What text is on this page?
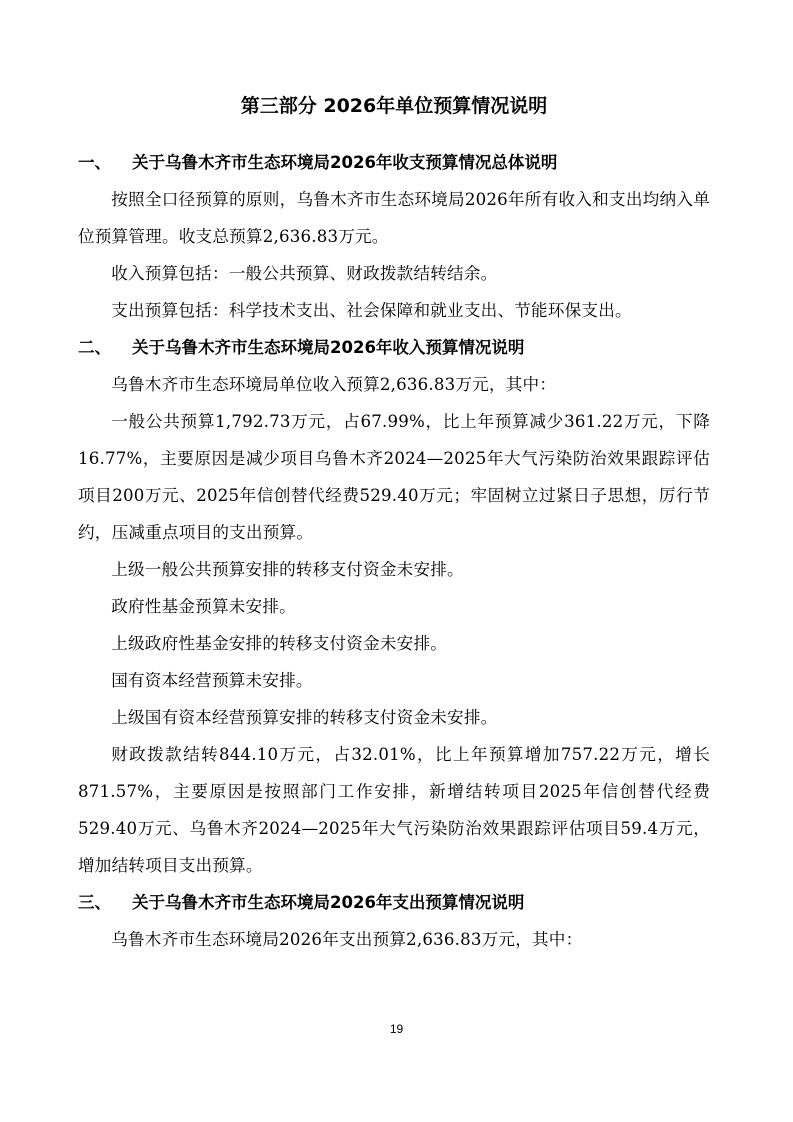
第三部分 2026年单位预算情况说明
一、 关于乌鲁木齐市生态环境局2026年收支预算情况总体说明

按照全口径预算的原则，乌鲁木齐市生态环境局2026年所有收入和支出均纳入单位预算管理。收支总预算2,636.83万元。

收入预算包括：一般公共预算、财政拨款结转结余。

支出预算包括：科学技术支出、社会保障和就业支出、节能环保支出。

二、 关于乌鲁木齐市生态环境局2026年收入预算情况说明

乌鲁木齐市生态环境局单位收入预算2,636.83万元，其中：

一般公共预算1,792.73万元，占67.99%，比上年预算减少361.22万元，下降16.77%，主要原因是减少项目乌鲁木齐2024—2025年大气污染防治效果跟踪评估项目200万元、2025年信创替代经费529.40万元；牢固树立过紧日子思想，厉行节约，压减重点项目的支出预算。

上级一般公共预算安排的转移支付资金未安排。

政府性基金预算未安排。

上级政府性基金安排的转移支付资金未安排。

国有资本经营预算未安排。

上级国有资本经营预算安排的转移支付资金未安排。

财政拨款结转844.10万元，占32.01%，比上年预算增加757.22万元，增长871.57%，主要原因是按照部门工作安排，新增结转项目2025年信创替代经费529.40万元、乌鲁木齐2024—2025年大气污染防治效果跟踪评估项目59.4万元，增加结转项目支出预算。

三、 关于乌鲁木齐市生态环境局2026年支出预算情况说明

乌鲁木齐市生态环境局2026年支出预算2,636.83万元，其中：

19
